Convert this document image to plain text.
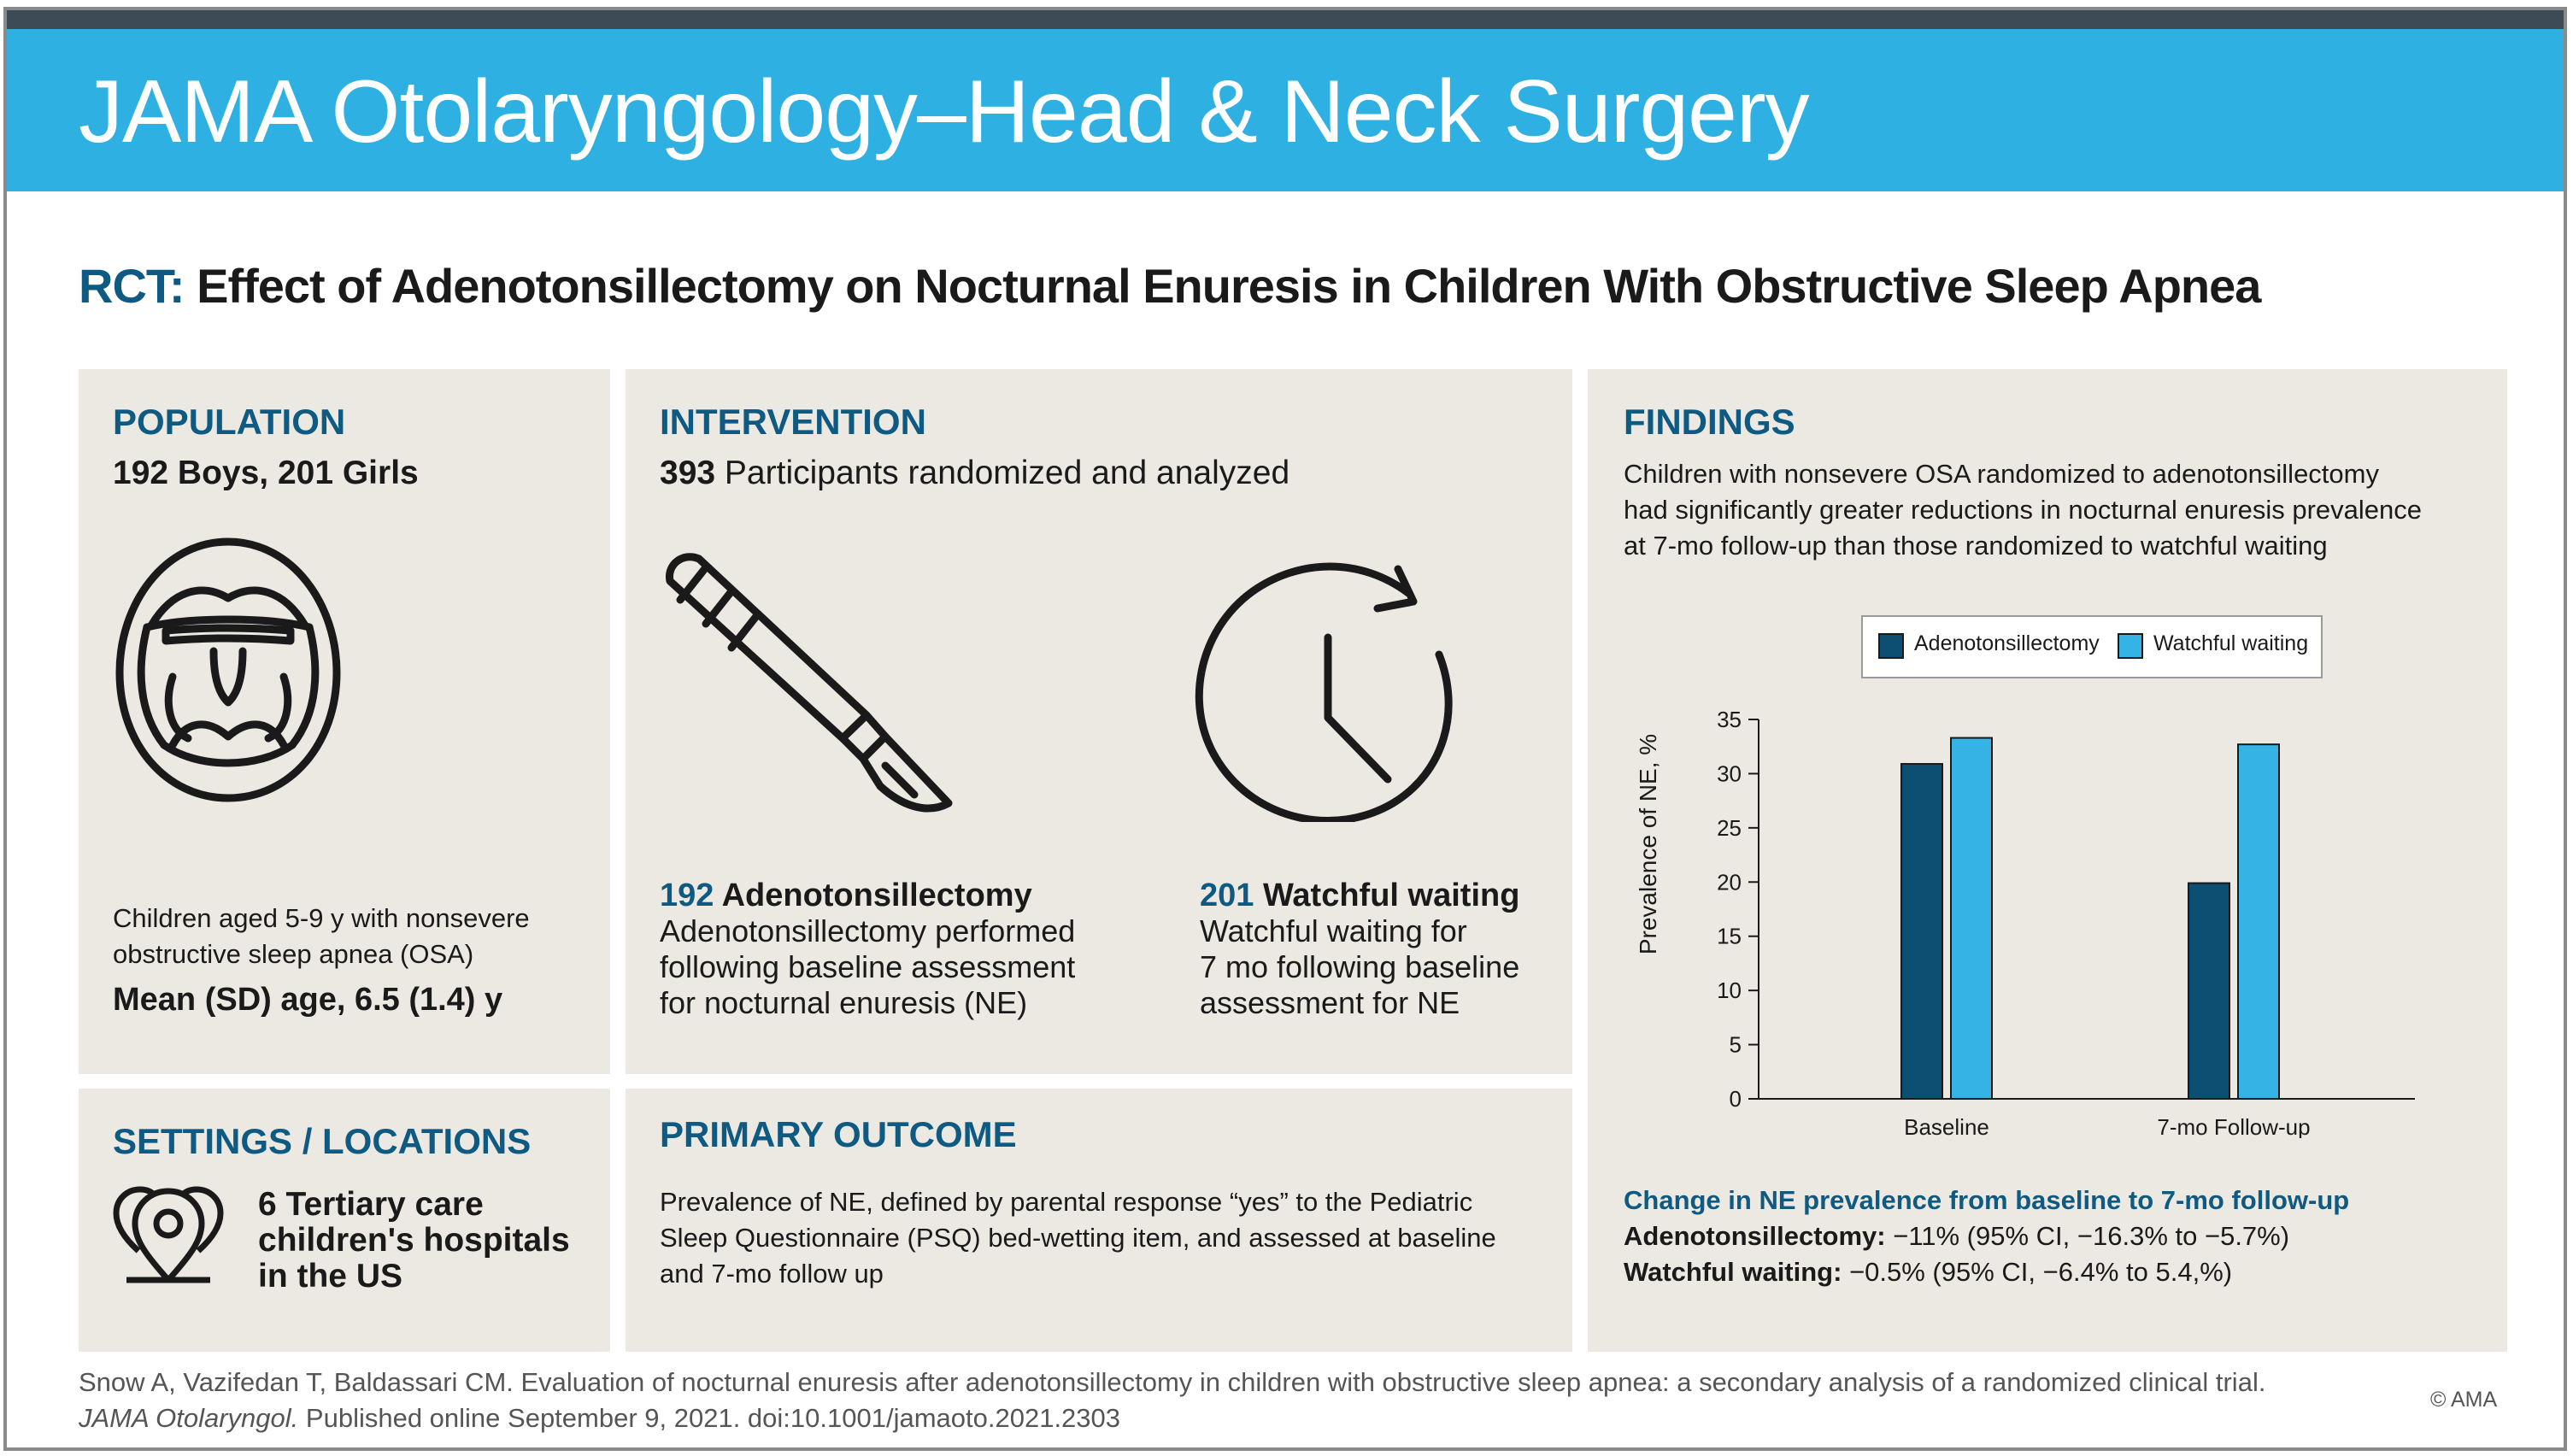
JAMA Otolaryngology–Head & Neck Surgery
RCT: Effect of Adenotonsillectomy on Nocturnal Enuresis in Children With Obstructive Sleep Apnea
POPULATION
192 Boys, 201 Girls
Children aged 5-9 y with nonsevere
obstructive sleep apnea (OSA)
Mean (SD) age, 6.5 (1.4) y
INTERVENTION
393 Participants randomized and analyzed
192 Adenotonsillectomy
Adenotonsillectomy performed
following baseline assessment
for nocturnal enuresis (NE)
201 Watchful waiting
Watchful waiting for
7 mo following baseline
assessment for NE
SETTINGS / LOCATIONS
6 Tertiary care
children's hospitals
in the US
PRIMARY OUTCOME
Prevalence of NE, defined by parental response “yes” to the Pediatric
Sleep Questionnaire (PSQ) bed-wetting item, and assessed at baseline
and 7-mo follow up
FINDINGS
Children with nonsevere OSA randomized to adenotonsillectomy
had significantly greater reductions in nocturnal enuresis prevalence
at 7-mo follow-up than those randomized to watchful waiting
Adenotonsillectomy	Watchful waiting
Prevalence of NE, %
0
5
10
15
20
25
30
35
Baseline	7-mo Follow-up
Change in NE prevalence from baseline to 7-mo follow-up
Adenotonsillectomy: −11% (95% CI, −16.3% to −5.7%)
Watchful waiting: −0.5% (95% CI, −6.4% to 5.4,%)
Snow A, Vazifedan T, Baldassari CM. Evaluation of nocturnal enuresis after adenotonsillectomy in children with obstructive sleep apnea: a secondary analysis of a randomized clinical trial.
JAMA Otolaryngol. Published online September 9, 2021. doi:10.1001/jamaoto.2021.2303
© AMA
